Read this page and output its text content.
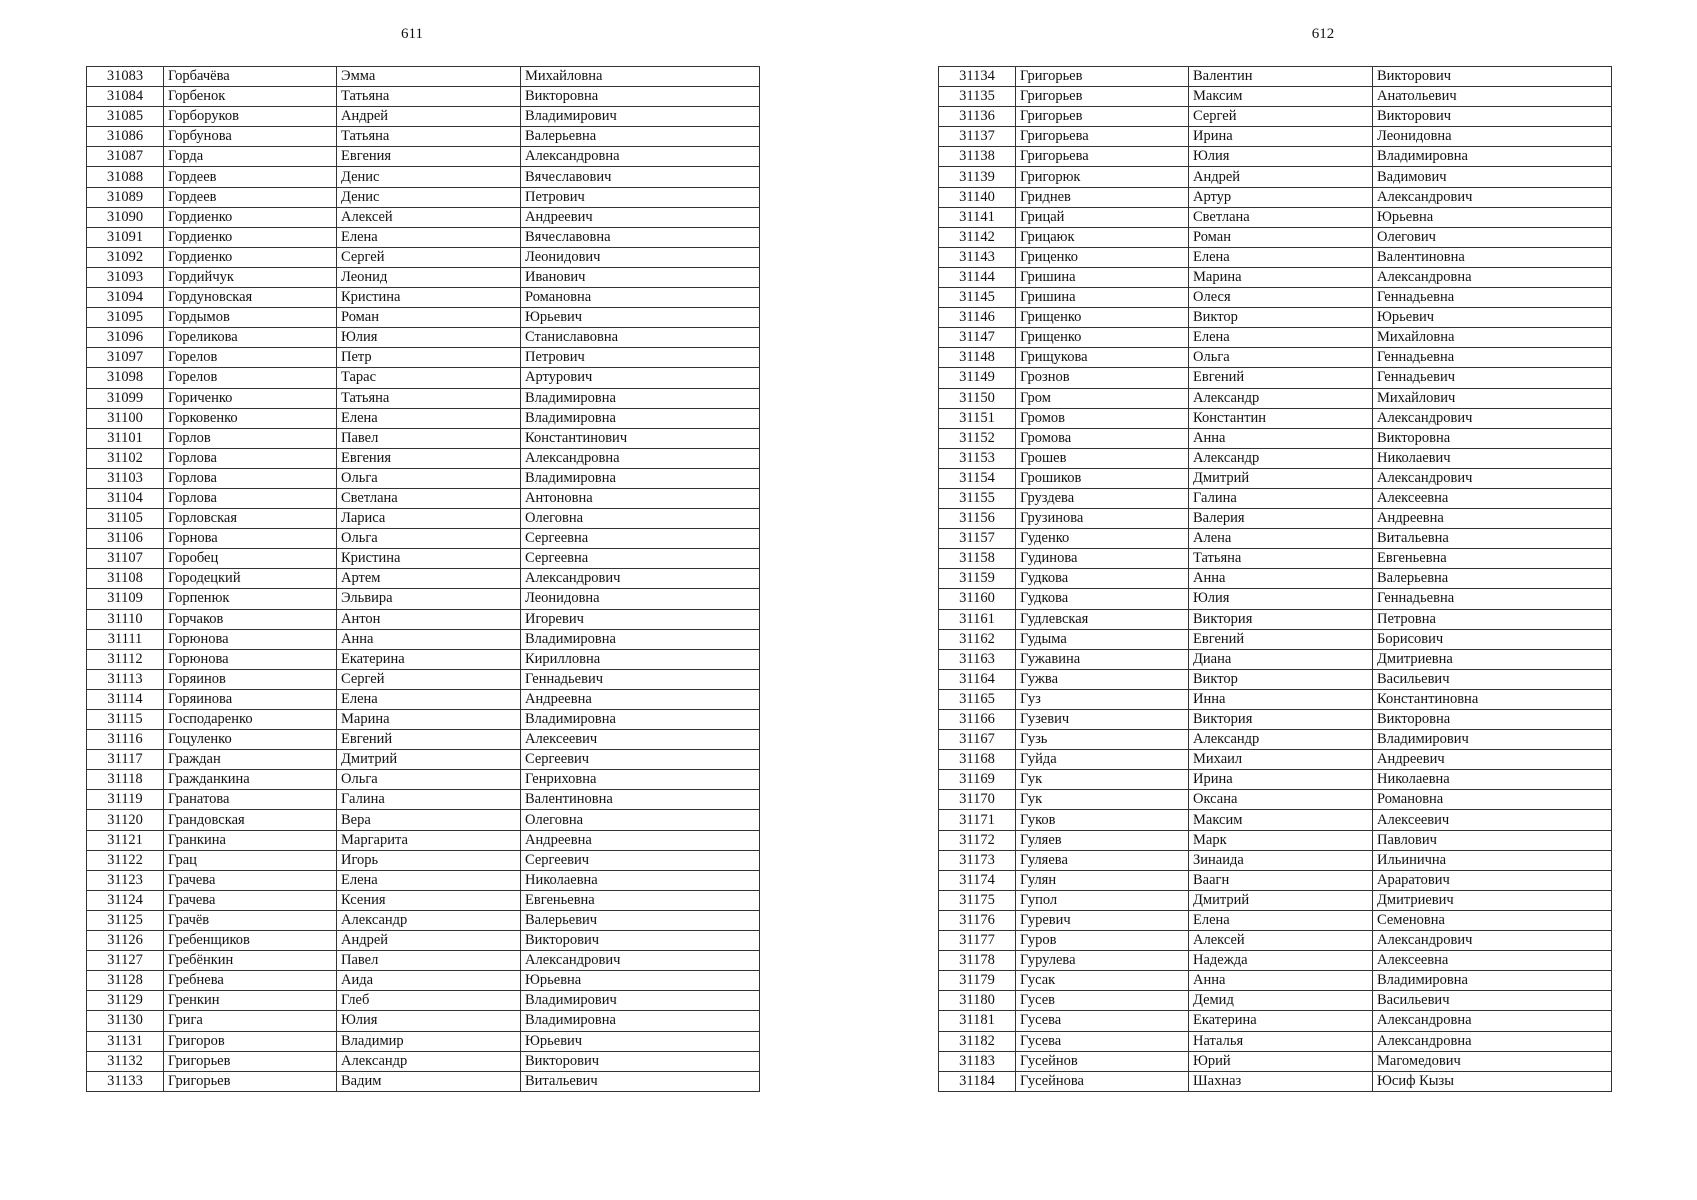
611
31083	Горбачёва	Эмма	Михайловна
31084	Горбенок	Татьяна	Викторовна
31085	Горборуков	Андрей	Владимирович
31086	Горбунова	Татьяна	Валерьевна
31087	Горда	Евгения	Александровна
31088	Гордеев	Денис	Вячеславович
31089	Гордеев	Денис	Петрович
31090	Гордиенко	Алексей	Андреевич
31091	Гордиенко	Елена	Вячеславовна
31092	Гордиенко	Сергей	Леонидович
31093	Гордийчук	Леонид	Иванович
31094	Гордуновская	Кристина	Романовна
31095	Гордымов	Роман	Юрьевич
31096	Гореликова	Юлия	Станиславовна
31097	Горелов	Петр	Петрович
31098	Горелов	Тарас	Артурович
31099	Гориченко	Татьяна	Владимировна
31100	Горковенко	Елена	Владимировна
31101	Горлов	Павел	Константинович
31102	Горлова	Евгения	Александровна
31103	Горлова	Ольга	Владимировна
31104	Горлова	Светлана	Антоновна
31105	Горловская	Лариса	Олеговна
31106	Горнова	Ольга	Сергеевна
31107	Горобец	Кристина	Сергеевна
31108	Городецкий	Артем	Александрович
31109	Горпенюк	Эльвира	Леонидовна
31110	Горчаков	Антон	Игоревич
31111	Горюнова	Анна	Владимировна
31112	Горюнова	Екатерина	Кирилловна
31113	Горяинов	Сергей	Геннадьевич
31114	Горяинова	Елена	Андреевна
31115	Господаренко	Марина	Владимировна
31116	Гоцуленко	Евгений	Алексеевич
31117	Граждан	Дмитрий	Сергеевич
31118	Гражданкина	Ольга	Генриховна
31119	Гранатова	Галина	Валентиновна
31120	Грандовская	Вера	Олеговна
31121	Гранкина	Маргарита	Андреевна
31122	Грац	Игорь	Сергеевич
31123	Грачева	Елена	Николаевна
31124	Грачева	Ксения	Евгеньевна
31125	Грачёв	Александр	Валерьевич
31126	Гребенщиков	Андрей	Викторович
31127	Гребёнкин	Павел	Александрович
31128	Гребнева	Аида	Юрьевна
31129	Гренкин	Глеб	Владимирович
31130	Грига	Юлия	Владимировна
31131	Григоров	Владимир	Юрьевич
31132	Григорьев	Александр	Викторович
31133	Григорьев	Вадим	Витальевич
612
31134	Григорьев	Валентин	Викторович
31135	Григорьев	Максим	Анатольевич
31136	Григорьев	Сергей	Викторович
31137	Григорьева	Ирина	Леонидовна
31138	Григорьева	Юлия	Владимировна
31139	Григорюк	Андрей	Вадимович
31140	Гриднев	Артур	Александрович
31141	Грицай	Светлана	Юрьевна
31142	Грицаюк	Роман	Олегович
31143	Гриценко	Елена	Валентиновна
31144	Гришина	Марина	Александровна
31145	Гришина	Олеся	Геннадьевна
31146	Грищенко	Виктор	Юрьевич
31147	Грищенко	Елена	Михайловна
31148	Грищукова	Ольга	Геннадьевна
31149	Грознов	Евгений	Геннадьевич
31150	Гром	Александр	Михайлович
31151	Громов	Константин	Александрович
31152	Громова	Анна	Викторовна
31153	Грошев	Александр	Николаевич
31154	Грошиков	Дмитрий	Александрович
31155	Груздева	Галина	Алексеевна
31156	Грузинова	Валерия	Андреевна
31157	Гуденко	Алена	Витальевна
31158	Гудинова	Татьяна	Евгеньевна
31159	Гудкова	Анна	Валерьевна
31160	Гудкова	Юлия	Геннадьевна
31161	Гудлевская	Виктория	Петровна
31162	Гудыма	Евгений	Борисович
31163	Гужавина	Диана	Дмитриевна
31164	Гужва	Виктор	Васильевич
31165	Гуз	Инна	Константиновна
31166	Гузевич	Виктория	Викторовна
31167	Гузь	Александр	Владимирович
31168	Гуйда	Михаил	Андреевич
31169	Гук	Ирина	Николаевна
31170	Гук	Оксана	Романовна
31171	Гуков	Максим	Алексеевич
31172	Гуляев	Марк	Павлович
31173	Гуляева	Зинаида	Ильинична
31174	Гулян	Ваагн	Араратович
31175	Гупол	Дмитрий	Дмитриевич
31176	Гуревич	Елена	Семеновна
31177	Гуров	Алексей	Александрович
31178	Гурулева	Надежда	Алексеевна
31179	Гусак	Анна	Владимировна
31180	Гусев	Демид	Васильевич
31181	Гусева	Екатерина	Александровна
31182	Гусева	Наталья	Александровна
31183	Гусейнов	Юрий	Магомедович
31184	Гусейнова	Шахназ	Юсиф Кызы
